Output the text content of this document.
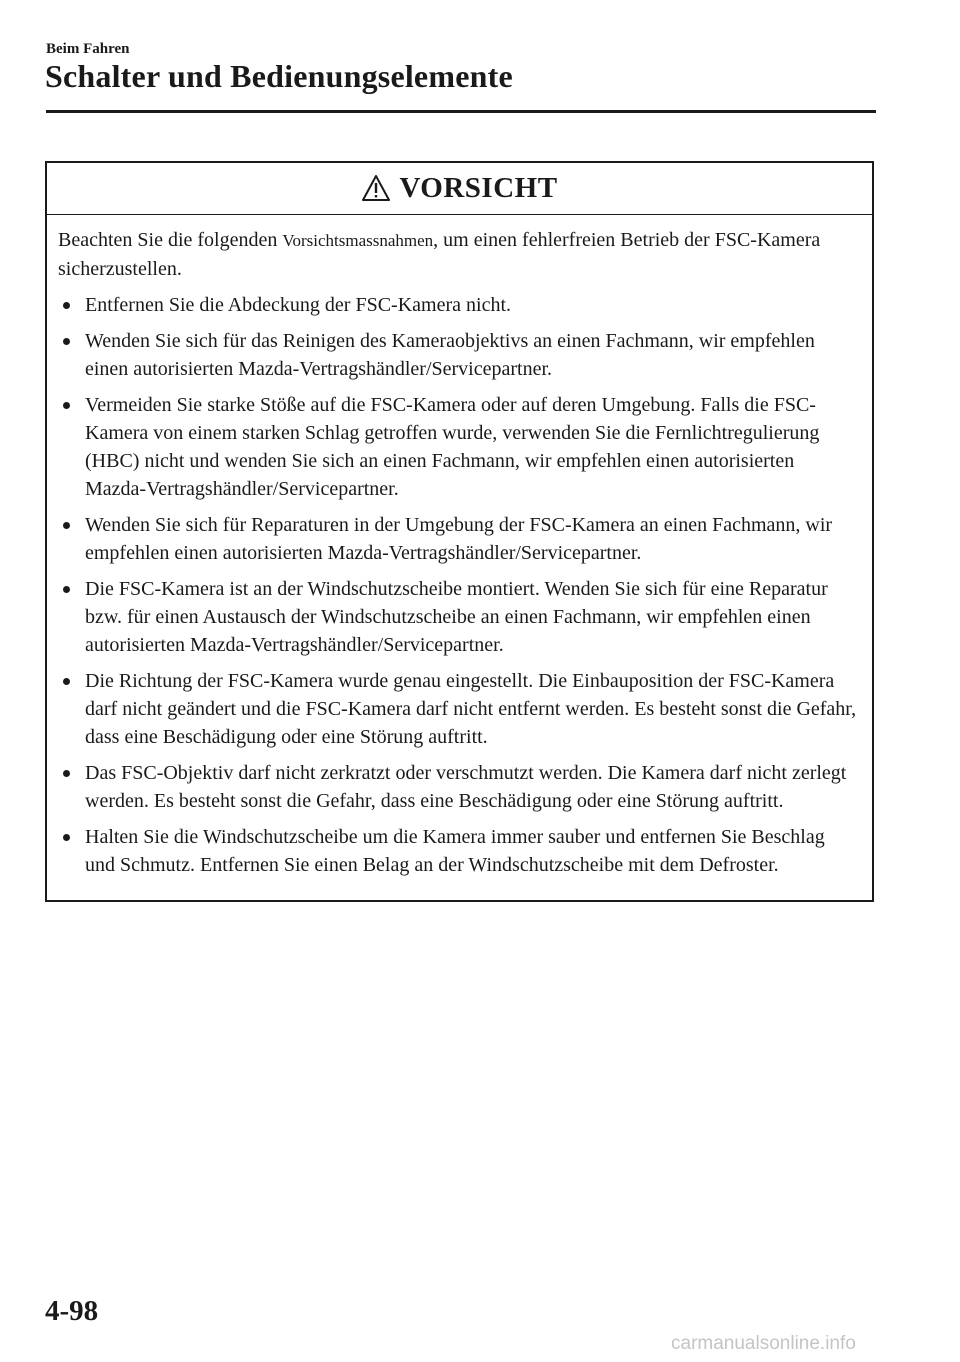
Beim Fahren
Schalter und Bedienungselemente
VORSICHT

Beachten Sie die folgenden Vorsichtsmassnahmen, um einen fehlerfreien Betrieb der FSC-Kamera sicherzustellen.

Entfernen Sie die Abdeckung der FSC-Kamera nicht.
Wenden Sie sich für das Reinigen des Kameraobjektivs an einen Fachmann, wir empfehlen einen autorisierten Mazda-Vertragshändler/Servicepartner.
Vermeiden Sie starke Stöße auf die FSC-Kamera oder auf deren Umgebung. Falls die FSC-Kamera von einem starken Schlag getroffen wurde, verwenden Sie die Fernlichtregulierung (HBC) nicht und wenden Sie sich an einen Fachmann, wir empfehlen einen autorisierten Mazda-Vertragshändler/Servicepartner.
Wenden Sie sich für Reparaturen in der Umgebung der FSC-Kamera an einen Fachmann, wir empfehlen einen autorisierten Mazda-Vertragshändler/Servicepartner.
Die FSC-Kamera ist an der Windschutzscheibe montiert. Wenden Sie sich für eine Reparatur bzw. für einen Austausch der Windschutzscheibe an einen Fachmann, wir empfehlen einen autorisierten Mazda-Vertragshändler/Servicepartner.
Die Richtung der FSC-Kamera wurde genau eingestellt. Die Einbauposition der FSC-Kamera darf nicht geändert und die FSC-Kamera darf nicht entfernt werden. Es besteht sonst die Gefahr, dass eine Beschädigung oder eine Störung auftritt.
Das FSC-Objektiv darf nicht zerkratzt oder verschmutzt werden. Die Kamera darf nicht zerlegt werden. Es besteht sonst die Gefahr, dass eine Beschädigung oder eine Störung auftritt.
Halten Sie die Windschutzscheibe um die Kamera immer sauber und entfernen Sie Beschlag und Schmutz. Entfernen Sie einen Belag an der Windschutzscheibe mit dem Defroster.
4-98
carmanualsonline.info
